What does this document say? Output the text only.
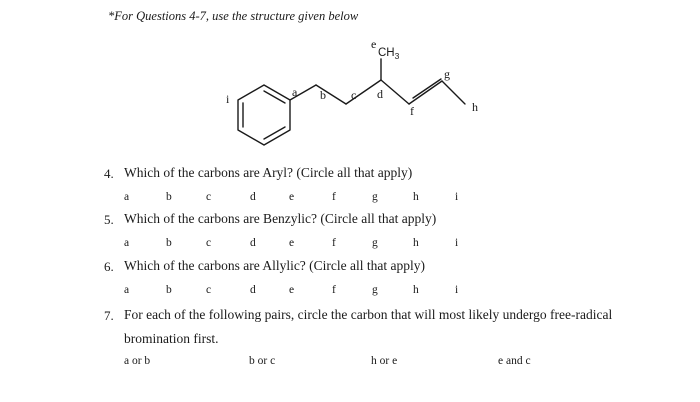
*For Questions 4-7, use the structure given below
i	a b c d
e
f
g
h
$CH_3$
4. Which of the carbons are Aryl? (Circle all that apply)
a	b	c	d	e	f	g	h	i
5. Which of the carbons are Benzylic? (Circle all that apply)
a	b	c	d	e	f	g	h	i
6. Which of the carbons are Allylic? (Circle all that apply)
a	b	c	d	e	f	g	h	i
7. For each of the following pairs, circle the carbon that will most likely undergo free-radical
bromination first.
a or b	b or c	h or e	e and c
